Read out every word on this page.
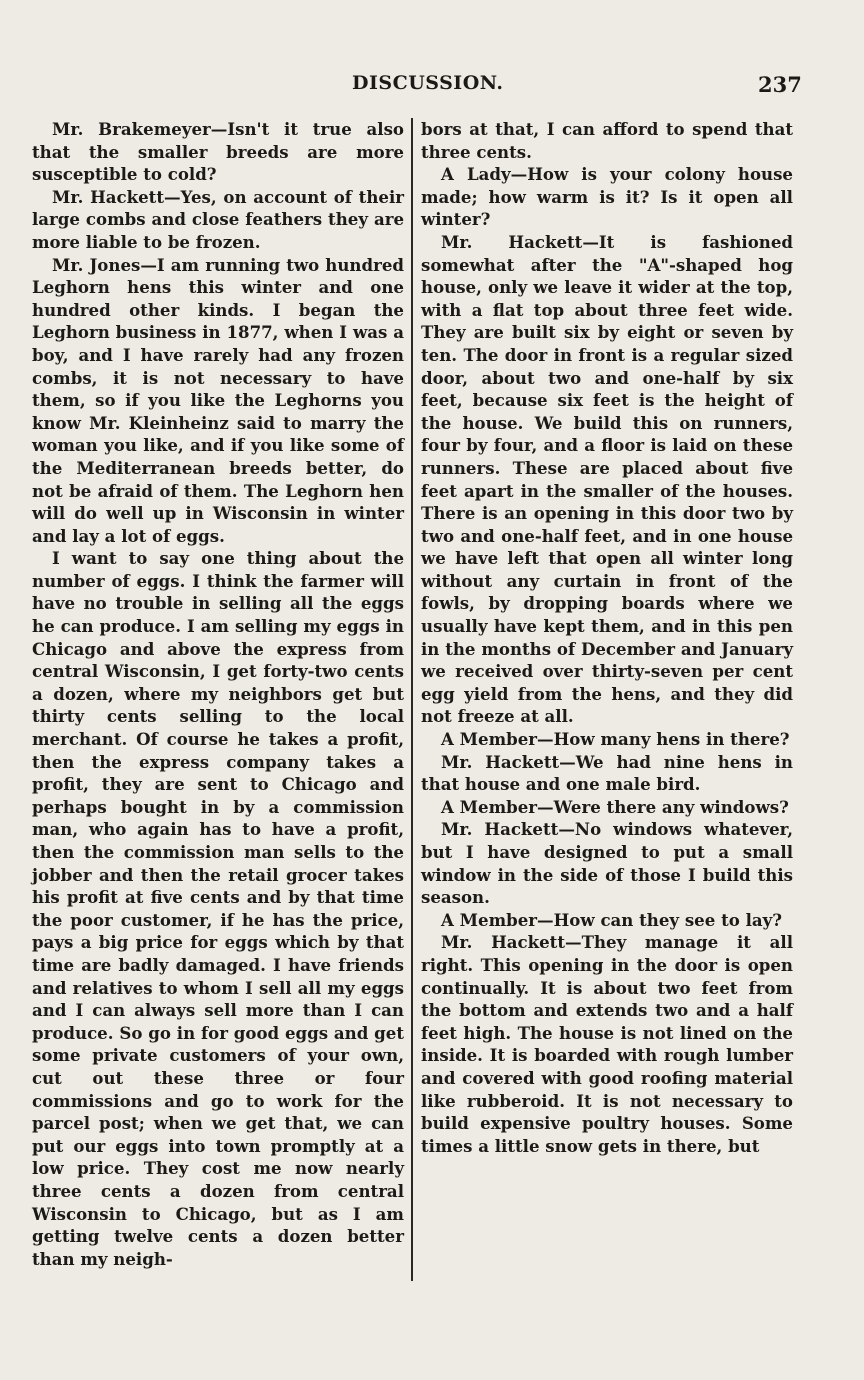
DISCUSSION.	237

Mr. Brakemeyer—Isn't it true also that the smaller breeds are more susceptible to cold?

Mr. Hackett—Yes, on account of their large combs and close feathers they are more liable to be frozen.

Mr. Jones—I am running two hundred Leghorn hens this winter and one hundred other kinds. I began the Leghorn business in 1877, when I was a boy, and I have rarely had any frozen combs, it is not necessary to have them, so if you like the Leghorns you know Mr. Kleinheinz said to marry the woman you like, and if you like some of the Mediterranean breeds better, do not be afraid of them. The Leghorn hen will do well up in Wisconsin in winter and lay a lot of eggs.

I want to say one thing about the number of eggs. I think the farmer will have no trouble in selling all the eggs he can produce. I am selling my eggs in Chicago and above the express from central Wisconsin, I get forty-two cents a dozen, where my neighbors get but thirty cents selling to the local merchant. Of course he takes a profit, then the express company takes a profit, they are sent to Chicago and perhaps bought in by a commission man, who again has to have a profit, then the commission man sells to the jobber and then the retail grocer takes his profit at five cents and by that time the poor customer, if he has the price, pays a big price for eggs which by that time are badly damaged. I have friends and relatives to whom I sell all my eggs and I can always sell more than I can produce. So go in for good eggs and get some private customers of your own, cut out these three or four commissions and go to work for the parcel post; when we get that, we can put our eggs into town promptly at a low price. They cost me now nearly three cents a dozen from central Wisconsin to Chicago, but as I am getting twelve cents a dozen better than my neigh-

bors at that, I can afford to spend that three cents.

A Lady—How is your colony house made; how warm is it? Is it open all winter?

Mr. Hackett—It is fashioned somewhat after the "A"-shaped hog house, only we leave it wider at the top, with a flat top about three feet wide. They are built six by eight or seven by ten. The door in front is a regular sized door, about two and one-half by six feet, because six feet is the height of the house. We build this on runners, four by four, and a floor is laid on these runners. These are placed about five feet apart in the smaller of the houses. There is an opening in this door two by two and one-half feet, and in one house we have left that open all winter long without any curtain in front of the fowls, by dropping boards where we usually have kept them, and in this pen in the months of December and January we received over thirty-seven per cent egg yield from the hens, and they did not freeze at all.

A Member—How many hens in there?

Mr. Hackett—We had nine hens in that house and one male bird.

A Member—Were there any windows?

Mr. Hackett—No windows whatever, but I have designed to put a small window in the side of those I build this season.

A Member—How can they see to lay?

Mr. Hackett—They manage it all right. This opening in the door is open continually. It is about two feet from the bottom and extends two and a half feet high. The house is not lined on the inside. It is boarded with rough lumber and covered with good roofing material like rubberoid. It is not necessary to build expensive poultry houses. Some times a little snow gets in there, but
